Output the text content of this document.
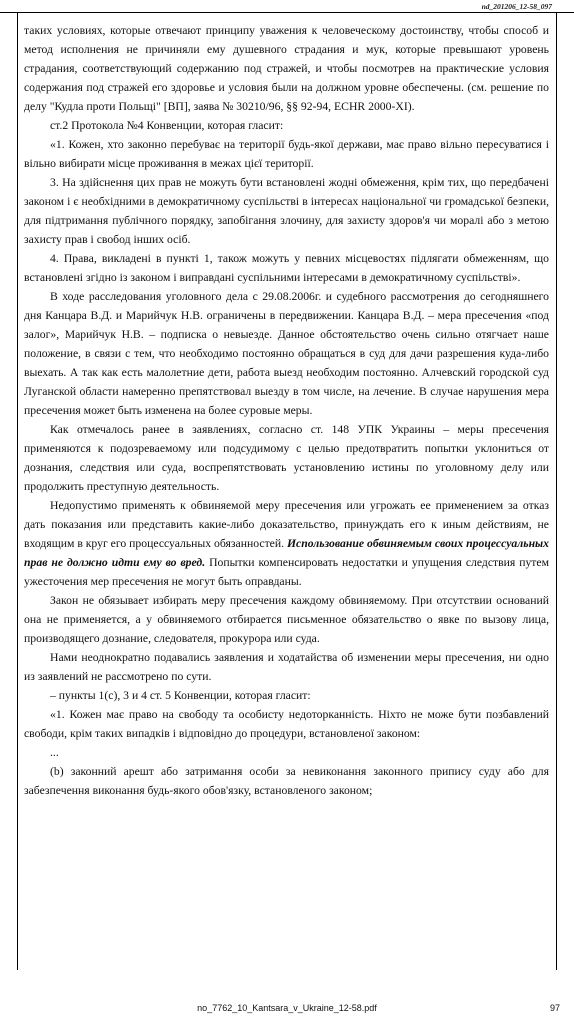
nd_201206_12-58_097

таких условиях, которые отвечают принципу уважения к человеческому достоинству, чтобы способ и метод исполнения не причиняли ему душевного страдания и мук, которые превышают уровень страдания, соответствующий содержанию под стражей, и чтобы посмотрев на практические условия содержания под стражей его здоровье и условия были на должном уровне обеспечены. (см. решение по делу "Кудла проти Польщі" [ВП], заява № 30210/96, §§ 92-94, ECHR 2000-XI).

ст.2 Протокола №4 Конвенции, которая гласит:

«1. Кожен, хто законно перебуває на території будь-якої держави, має право вільно пересуватися і вільно вибирати місце проживання в межах цієї території.

3. На здійснення цих прав не можуть бути встановлені жодні обмеження, крім тих, що передбачені законом і є необхідними в демократичному суспільстві в інтересах національної чи громадської безпеки, для підтримання публічного порядку, запобігання злочину, для захисту здоров'я чи моралі або з метою захисту прав і свобод інших осіб.

4. Права, викладені в пункті 1, також можуть у певних місцевостях підлягати обмеженням, що встановлені згідно із законом і виправдані суспільними інтересами в демократичному суспільстві».

В ходе расследования уголовного дела с 29.08.2006г. и судебного рассмотрения до сегодняшнего дня Канцара В.Д. и Марийчук Н.В. ограничены в передвижении. Канцара В.Д. – мера пресечения «под залог», Марийчук Н.В. – подписка о невыезде. Данное обстоятельство очень сильно отягчает наше положение, в связи с тем, что необходимо постоянно обращаться в суд для дачи разрешения куда-либо выехать. А так как есть малолетние дети, работа выезд необходим постоянно. Алчевский городской суд Луганской области намеренно препятствовал выезду в том числе, на лечение. В случае нарушения мера пресечения может быть изменена на более суровые меры.

Как отмечалось ранее в заявлениях, согласно ст. 148 УПК Украины – меры пресечения применяются к подозреваемому или подсудимому с целью предотвратить попытки уклониться от дознания, следствия или суда, воспрепятствовать установлению истины по уголовному делу или продолжить преступную деятельность.

Недопустимо применять к обвиняемой меру пресечения или угрожать ее применением за отказ дать показания или представить какие-либо доказательство, принуждать его к иным действиям, не входящим в круг его процессуальных обязанностей. Использование обвиняемым своих процессуальных прав не должно идти ему во вред. Попытки компенсировать недостатки и упущения следствия путем ужесточения мер пресечения не могут быть оправданы.

Закон не обязывает избирать меру пресечения каждому обвиняемому. При отсутствии оснований она не применяется, а у обвиняемого отбирается письменное обязательство о явке по вызову лица, производящего дознание, следователя, прокурора или суда.

Нами неоднократно подавались заявления и ходатайства об изменении меры пресечения, ни одно из заявлений не рассмотрено по сути.

– пункты 1(с), 3 и 4 ст. 5 Конвенции, которая гласит:

«1. Кожен має право на свободу та особисту недоторканність. Ніхто не може бути позбавлений свободи, крім таких випадків і відповідно до процедури, встановленої законом:

...

(b) законний арешт або затримання особи за невиконання законного припису суду або для забезпечення виконання будь-якого обов'язку, встановленого законом;

no_7762_10_Kantsara_v_Ukraine_12-58.pdf	97
